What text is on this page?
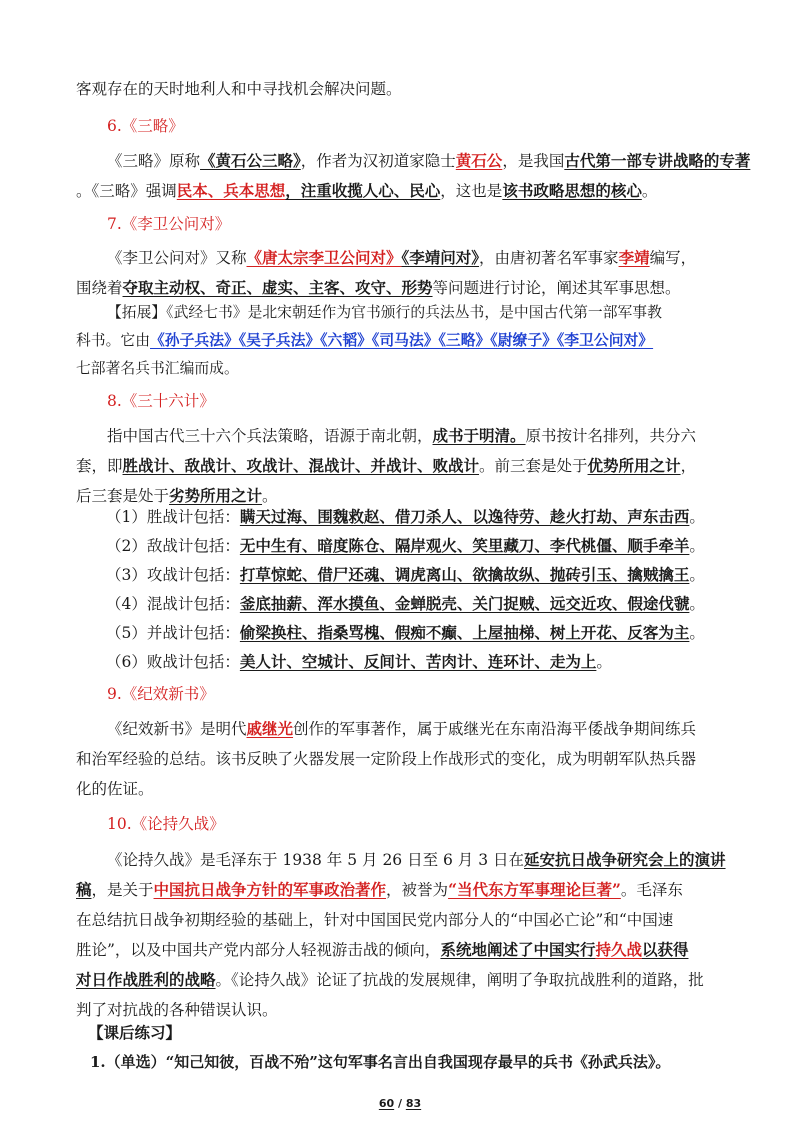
客观存在的天时地利人和中寻找机会解决问题。

6.《三略》

《三略》原称《黄石公三略》，作者为汉初道家隐士黄石公，是我国古代第一部专讲战略的专著

。《三略》强调民本、兵本思想，注重收揽人心、民心，这也是该书政略思想的核心。

7.《李卫公问对》

《李卫公问对》又称《唐太宗李卫公问对》《李靖问对》，由唐初著名军事家李靖编写，

围绕着夺取主动权、奇正、虚实、主客、攻守、形势等问题进行讨论，阐述其军事思想。

【拓展】《武经七书》是北宋朝廷作为官书颁行的兵法丛书，是中国古代第一部军事教

科书。它由《孙子兵法》《吴子兵法》《六韬》《司马法》《三略》《尉缭子》《李卫公问对》

七部著名兵书汇编而成。

8.《三十六计》

指中国古代三十六个兵法策略，语源于南北朝，成书于明清。原书按计名排列，共分六

套，即胜战计、敌战计、攻战计、混战计、并战计、败战计。前三套是处于优势所用之计，

后三套是处于劣势所用之计。

（1）胜战计包括：瞒天过海、围魏救赵、借刀杀人、以逸待劳、趁火打劫、声东击西。

（2）敌战计包括：无中生有、暗度陈仓、隔岸观火、笑里藏刀、李代桃僵、顺手牵羊。

（3）攻战计包括：打草惊蛇、借尸还魂、调虎离山、欲擒故纵、抛砖引玉、擒贼擒王。

（4）混战计包括：釜底抽薪、浑水摸鱼、金蝉脱壳、关门捉贼、远交近攻、假途伐虢。

（5）并战计包括：偷梁换柱、指桑骂槐、假痴不癫、上屋抽梯、树上开花、反客为主。

（6）败战计包括：美人计、空城计、反间计、苦肉计、连环计、走为上。

9.《纪效新书》

《纪效新书》是明代戚继光创作的军事著作，属于戚继光在东南沿海平倭战争期间练兵

和治军经验的总结。该书反映了火器发展一定阶段上作战形式的变化，成为明朝军队热兵器

化的佐证。

10.《论持久战》

《论持久战》是毛泽东于 1938 年 5 月 26 日至 6 月 3 日在延安抗日战争研究会上的演讲

稿，是关于中国抗日战争方针的军事政治著作，被誉为“当代东方军事理论巨著”。毛泽东

在总结抗日战争初期经验的基础上，针对中国国民党内部分人的“中国必亡论”和“中国速

胜论”，以及中国共产党内部分人轻视游击战的倾向，系统地阐述了中国实行持久战以获得

对日作战胜利的战略。《论持久战》论证了抗战的发展规律，阐明了争取抗战胜利的道路，批

判了对抗战的各种错误认识。

【课后练习】

1.（单选）“知己知彼，百战不殆”这句军事名言出自我国现存最早的兵书《孙武兵法》。

60 / 83
